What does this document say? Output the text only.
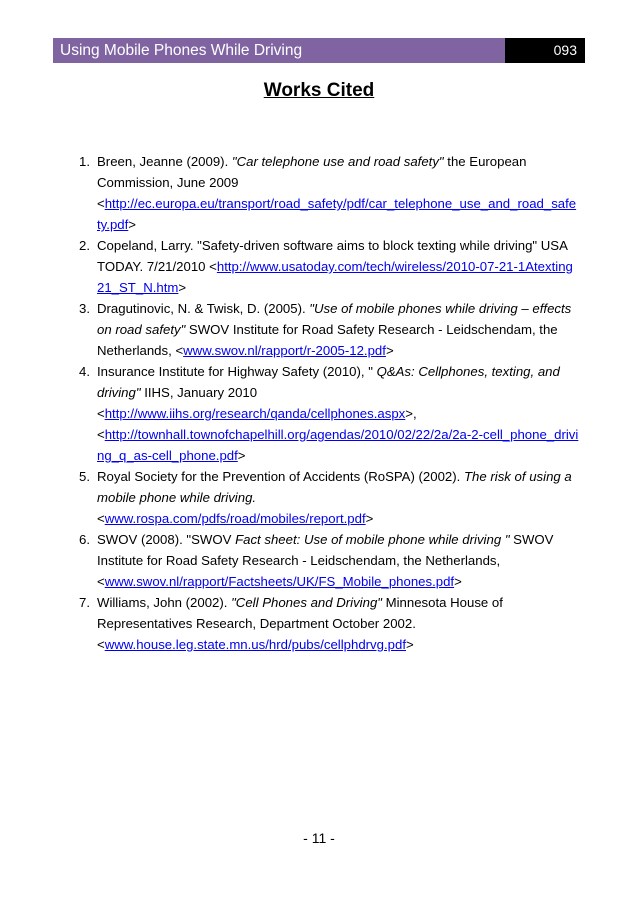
Using Mobile Phones While Driving	093
Works Cited
1. Breen, Jeanne (2009). "Car telephone use and road safety" the European Commission, June 2009
<http://ec.europa.eu/transport/road_safety/pdf/car_telephone_use_and_road_safety.pdf>
2. Copeland, Larry. "Safety-driven software aims to block texting while driving" USA TODAY. 7/21/2010 <http://www.usatoday.com/tech/wireless/2010-07-21-1Atexting21_ST_N.htm>
3. Dragutinovic, N. & Twisk, D. (2005). "Use of mobile phones while driving – effects on road safety" SWOV Institute for Road Safety Research - Leidschendam, the Netherlands, <www.swov.nl/rapport/r-2005-12.pdf>
4. Insurance Institute for Highway Safety (2010), " Q&As: Cellphones, texting, and driving" IIHS, January 2010
<http://www.iihs.org/research/qanda/cellphones.aspx>,
<http://townhall.townofchapelhill.org/agendas/2010/02/22/2a/2a-2-cell_phone_driving_q_as-cell_phone.pdf>
5. Royal Society for the Prevention of Accidents (RoSPA) (2002). The risk of using a mobile phone while driving.
<www.rospa.com/pdfs/road/mobiles/report.pdf>
6. SWOV (2008). "SWOV Fact sheet: Use of mobile phone while driving " SWOV Institute for Road Safety Research - Leidschendam, the Netherlands,
<www.swov.nl/rapport/Factsheets/UK/FS_Mobile_phones.pdf>
7. Williams, John (2002). "Cell Phones and Driving" Minnesota House of Representatives Research, Department October 2002.
<www.house.leg.state.mn.us/hrd/pubs/cellphdrvg.pdf>
- 11 -
